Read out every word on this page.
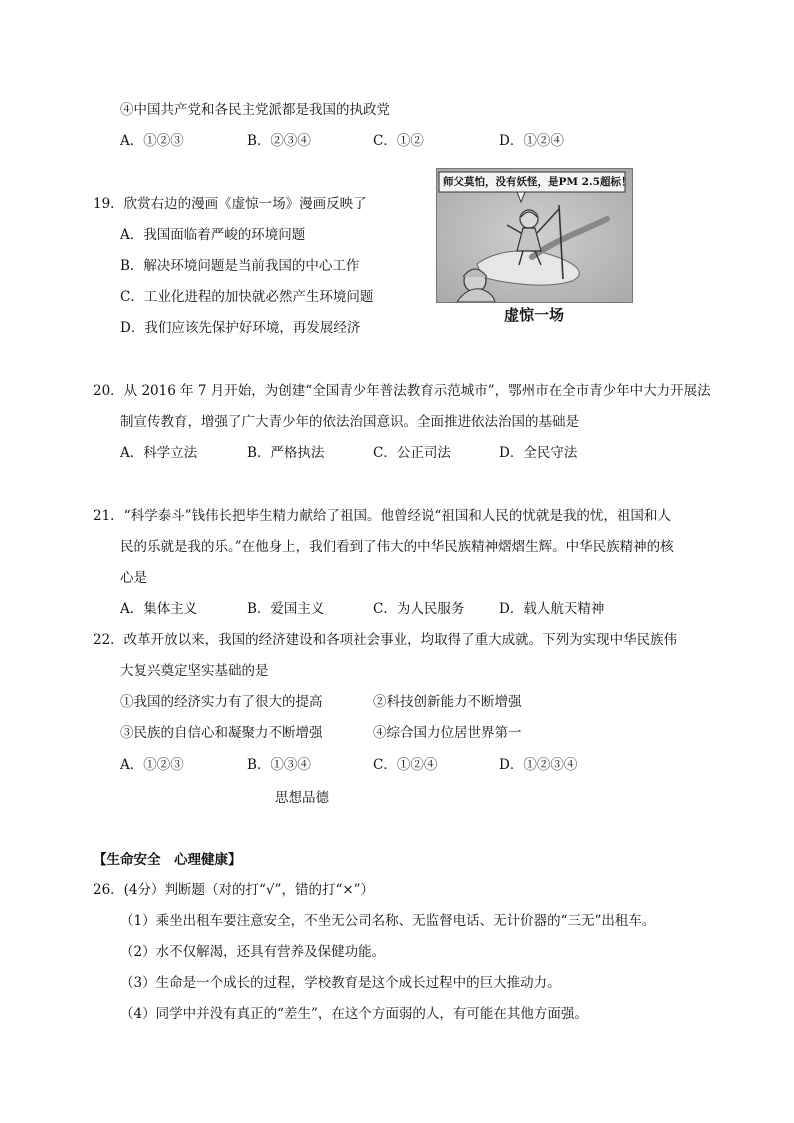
④中国共产党和各民主党派都是我国的执政党
A．①②③	B．②③④	C．①②	D．①②④
19．欣赏右边的漫画《虚惊一场》漫画反映了
A．我国面临着严峻的环境问题
B．解决环境问题是当前我国的中心工作
C．工业化进程的加快就必然产生环境问题
D．我们应该先保护好环境，再发展经济
师父莫怕，没有妖怪，是PM 2.5超标！
虚惊一场
20．从 2016 年 7 月开始，为创建“全国青少年普法教育示范城市”，鄂州市在全市青少年中大力开展法
制宣传教育，增强了广大青少年的依法治国意识。全面推进依法治国的基础是
A．科学立法	B．严格执法	C．公正司法	D．全民守法
21．“科学泰斗”钱伟长把毕生精力献给了祖国。他曾经说“祖国和人民的忧就是我的忧，祖国和人
民的乐就是我的乐。”在他身上，我们看到了伟大的中华民族精神熠熠生辉。中华民族精神的核
心是
A．集体主义	B．爱国主义	C．为人民服务	D．载人航天精神
22．改革开放以来，我国的经济建设和各项社会事业，均取得了重大成就。下列为实现中华民族伟
大复兴奠定坚实基础的是
①我国的经济实力有了很大的提高	②科技创新能力不断增强
③民族的自信心和凝聚力不断增强	④综合国力位居世界第一
A．①②③	B．①③④	C．①②④	D．①②③④
思想品德
【生命安全　心理健康】
26．(4分）判断题（对的打“√”，错的打“×”）
（1）乘坐出租车要注意安全，不坐无公司名称、无监督电话、无计价器的“三无”出租车。
（2）水不仅解渴，还具有营养及保健功能。
（3）生命是一个成长的过程，学校教育是这个成长过程中的巨大推动力。
（4）同学中并没有真正的“差生”，在这个方面弱的人，有可能在其他方面强。
